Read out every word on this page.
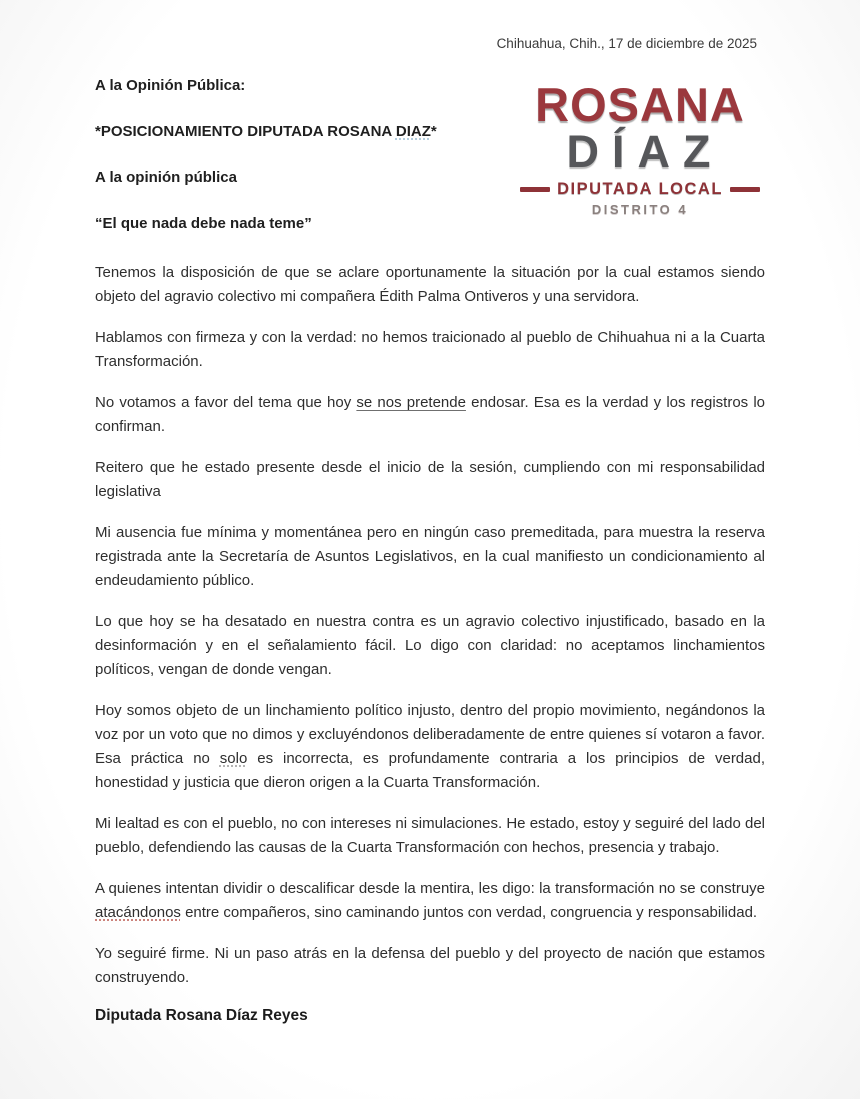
Chihuahua, Chih., 17 de diciembre de 2025
ROSANA
DÍAZ
DIPUTADA LOCAL
DISTRITO 4
A la Opinión Pública:
*POSICIONAMIENTO DIPUTADA ROSANA DIAZ*
A la opinión pública
“El que nada debe nada teme”

Tenemos la disposición de que se aclare oportunamente la situación por la cual estamos siendo objeto del agravio colectivo mi compañera Édith Palma Ontiveros y una servidora.

Hablamos con firmeza y con la verdad: no hemos traicionado al pueblo de Chihuahua ni a la Cuarta Transformación.

No votamos a favor del tema que hoy se nos pretende endosar. Esa es la verdad y los registros lo confirman.

Reitero que he estado presente desde el inicio de la sesión, cumpliendo con mi responsabilidad legislativa

Mi ausencia fue mínima y momentánea pero en ningún caso premeditada, para muestra la reserva registrada ante la Secretaría de Asuntos Legislativos, en la cual manifiesto un condicionamiento al endeudamiento público.

Lo que hoy se ha desatado en nuestra contra es un agravio colectivo injustificado, basado en la desinformación y en el señalamiento fácil. Lo digo con claridad: no aceptamos linchamientos políticos, vengan de donde vengan.

Hoy somos objeto de un linchamiento político injusto, dentro del propio movimiento, negándonos la voz por un voto que no dimos y excluyéndonos deliberadamente de entre quienes sí votaron a favor. Esa práctica no solo es incorrecta, es profundamente contraria a los principios de verdad, honestidad y justicia que dieron origen a la Cuarta Transformación.

Mi lealtad es con el pueblo, no con intereses ni simulaciones. He estado, estoy y seguiré del lado del pueblo, defendiendo las causas de la Cuarta Transformación con hechos, presencia y trabajo.

A quienes intentan dividir o descalificar desde la mentira, les digo: la transformación no se construye atacándonos entre compañeros, sino caminando juntos con verdad, congruencia y responsabilidad.

Yo seguiré firme. Ni un paso atrás en la defensa del pueblo y del proyecto de nación que estamos construyendo.

Diputada Rosana Díaz Reyes
